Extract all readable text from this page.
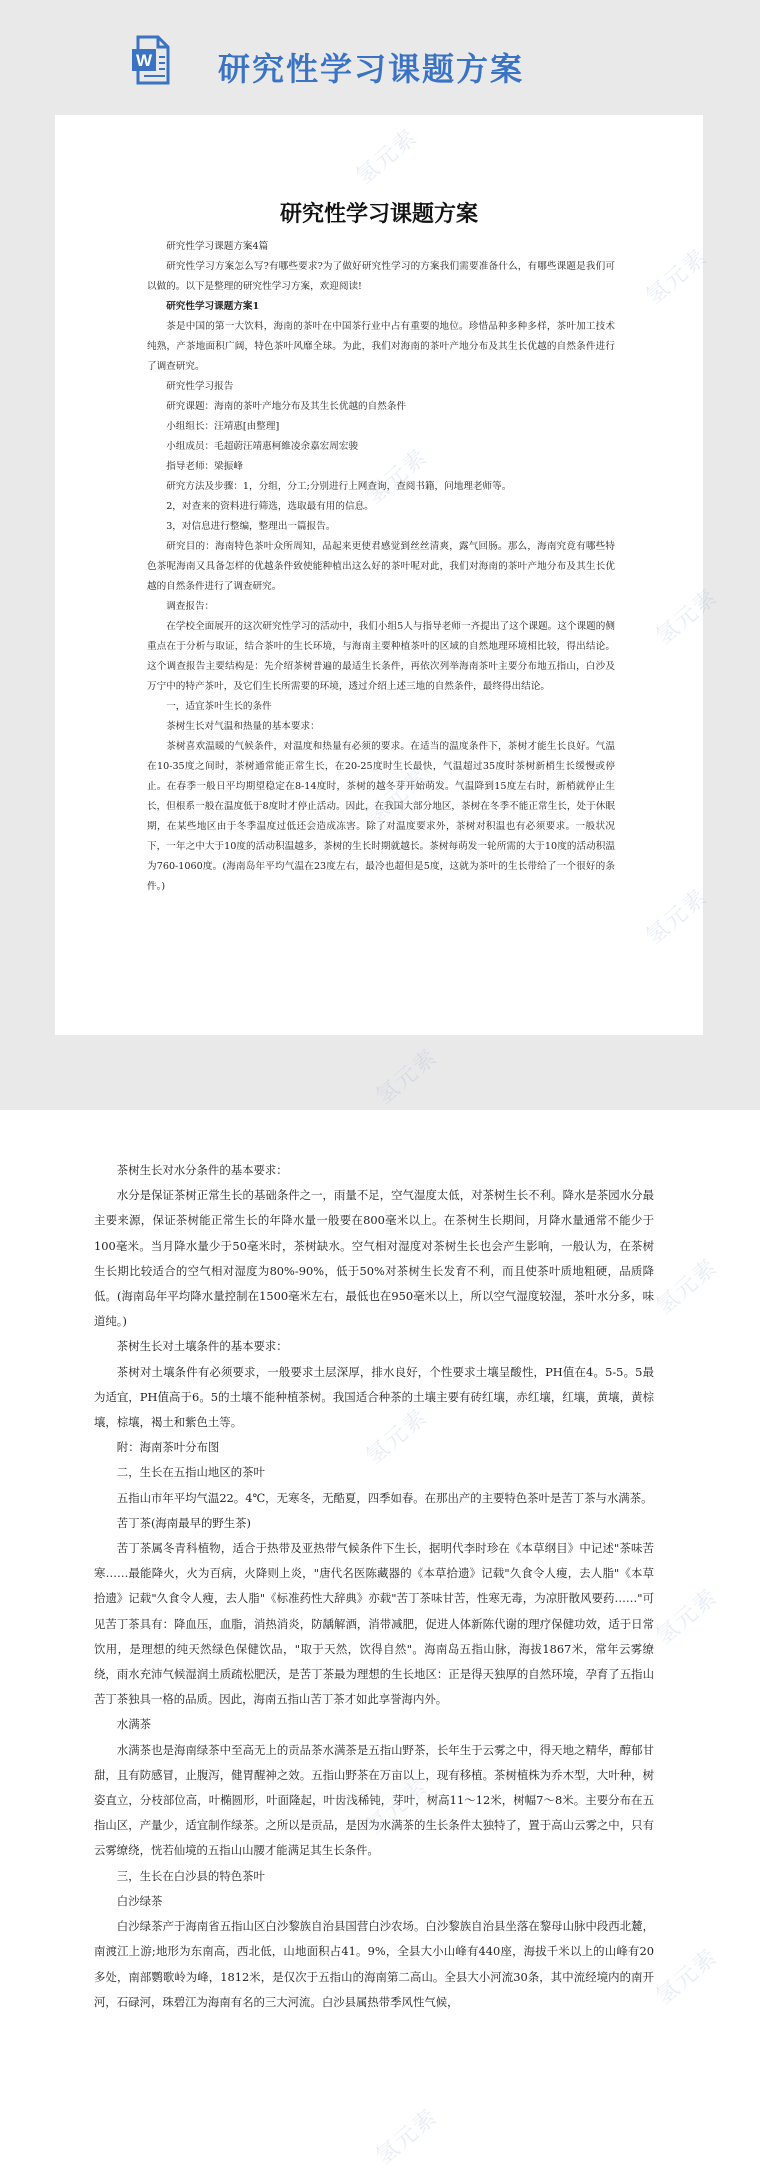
W 研究性学习课题方案
研究性学习课题方案

研究性学习课题方案4篇

研究性学习方案怎么写?有哪些要求?为了做好研究性学习的方案我们需要准备什么，有哪些课题是我们可以做的。以下是整理的研究性学习方案，欢迎阅读!

研究性学习课题方案1

茶是中国的第一大饮料，海南的茶叶在中国茶行业中占有重要的地位。珍惜品种多种多样，茶叶加工技术纯熟，产茶地面积广阔，特色茶叶风靡全球。为此，我们对海南的茶叶产地分布及其生长优越的自然条件进行了调查研究。

研究性学习报告

研究课题：海南的茶叶产地分布及其生长优越的自然条件

小组组长：汪靖惠[由整理]

小组成员：毛超蔚汪靖惠柯維凌余嘉宏周宏骏

指导老师：梁振峰

研究方法及步骤：1，分组，分工;分别进行上网查询，查阅书籍，问地理老师等。

2，对查来的资料进行筛选，选取最有用的信息。

3，对信息进行整编，整理出一篇报告。

研究目的：海南特色茶叶众所周知，品起来更使君感觉到丝丝清爽，露气回肠。那么，海南究竟有哪些特色茶呢海南又具备怎样的优越条件致使能种植出这么好的茶叶呢对此，我们对海南的茶叶产地分布及其生长优越的自然条件进行了调查研究。

调查报告：

在学校全面展开的这次研究性学习的活动中，我们小组5人与指导老师一齐提出了这个课题。这个课题的侧重点在于分析与取证，结合茶叶的生长环境，与海南主要种植茶叶的区域的自然地理环境相比较，得出结论。这个调查报告主要结构是：先介绍茶树普遍的最适生长条件，再依次列举海南茶叶主要分布地五指山，白沙及万宁中的特产茶叶，及它们生长所需要的环境，透过介绍上述三地的自然条件，最终得出结论。

一，适宜茶叶生长的条件

茶树生长对气温和热量的基本要求：

茶树喜欢温暖的气候条件，对温度和热量有必须的要求。在适当的温度条件下，茶树才能生长良好。气温在10-35度之间时，茶树通常能正常生长，在20-25度时生长最快，气温超过35度时茶树新梢生长缓慢或停止。在春季一般日平均期望稳定在8-14度时，茶树的越冬芽开始萌发。气温降到15度左右时，新梢就停止生长，但根系一般在温度低于8度时才停止活动。因此，在我国大部分地区，茶树在冬季不能正常生长，处于休眠期，在某些地区由于冬季温度过低还会造成冻害。除了对温度要求外，茶树对积温也有必须要求。一般状况下，一年之中大于10度的活动积温越多，茶树的生长时期就越长。茶树每萌发一轮所需的大于10度的活动积温为760-1060度。(海南岛年平均气温在23度左右，最冷也超但是5度，这就为茶叶的生长带给了一个很好的条件。)

茶树生长对水分条件的基本要求：

水分是保证茶树正常生长的基础条件之一，雨量不足，空气湿度太低，对茶树生长不利。降水是茶园水分最主要来源，保证茶树能正常生长的年降水量一般要在800毫米以上。在茶树生长期间，月降水量通常不能少于100毫米。当月降水量少于50毫米时，茶树缺水。空气相对湿度对茶树生长也会产生影响，一般认为，在茶树生长期比较适合的空气相对湿度为80%-90%，低于50%对茶树生长发育不利，而且使茶叶质地粗硬，品质降低。(海南岛年平均降水量控制在1500毫米左右，最低也在950毫米以上，所以空气湿度较湿，茶叶水分多，味道纯。)

茶树生长对土壤条件的基本要求：

茶树对土壤条件有必须要求，一般要求土层深厚，排水良好，个性要求土壤呈酸性，PH值在4。5-5。5最为适宜，PH值高于6。5的土壤不能种植茶树。我国适合种茶的土壤主要有砖红壤，赤红壤，红壤，黄壤，黄棕壤，棕壤，褐土和紫色土等。

附：海南茶叶分布图

二，生长在五指山地区的茶叶

五指山市年平均气温22。4℃，无寒冬，无酷夏，四季如春。在那出产的主要特色茶叶是苦丁茶与水满茶。

苦丁茶(海南最早的野生茶)

苦丁茶属冬青科植物，适合于热带及亚热带气候条件下生长，据明代李时珍在《本草纲目》中记述"茶味苦寒……最能降火，火为百病，火降则上炎，"唐代名医陈藏器的《本草拾遗》记载"久食令人瘦，去人脂"《本草拾遗》记载"久食令人瘦，去人脂"《标准药性大辞典》亦载"苦丁茶味甘苦，性寒无毒，为凉肝散风要药……"可见苦丁茶具有：降血压，血脂，消热消炎，防龋解酒，消带减肥，促进人体新陈代谢的理疗保健功效，适于日常饮用，是理想的纯天然绿色保健饮品，"取于天然，饮得自然"。海南岛五指山脉，海拔1867米，常年云雾缭绕，雨水充沛气候湿润土质疏松肥沃，是苦丁茶最为理想的生长地区：正是得天独厚的自然环境，孕育了五指山苦丁茶独具一格的品质。因此，海南五指山苦丁茶才如此享誉海内外。

水满茶

水满茶也是海南绿茶中至高无上的贡品茶水满茶是五指山野茶，长年生于云雾之中，得天地之精华，醇郁甘甜，且有防感冒，止腹泻，健胃醒神之效。五指山野茶在万亩以上，现有移植。茶树植株为乔木型，大叶种，树姿直立，分枝部位高，叶椭圆形，叶面隆起，叶齿浅稀钝，芽叶，树高11～12米，树幅7～8米。主要分布在五指山区，产量少，适宜制作绿茶。之所以是贡品，是因为水满茶的生长条件太独特了，置于高山云雾之中，只有云雾缭绕，恍若仙境的五指山山腰才能满足其生长条件。

三，生长在白沙县的特色茶叶

白沙绿茶

白沙绿茶产于海南省五指山区白沙黎族自治县国营白沙农场。白沙黎族自治县坐落在黎母山脉中段西北麓，南渡江上游;地形为东南高，西北低，山地面积占41。9%，全县大小山峰有440座，海拔千米以上的山峰有20多处，南部鹦歌岭为峰，1812米，是仅次于五指山的海南第二高山。全县大小河流30条，其中流经境内的南开河，石碌河，珠碧江为海南有名的三大河流。白沙县属热带季风性气候，
